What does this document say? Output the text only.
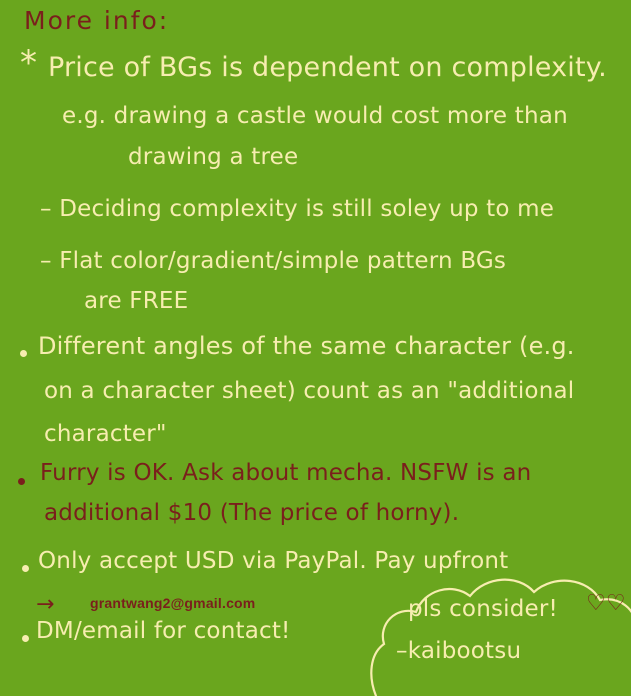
More info:
* Price of BGs is dependent on complexity.
e.g. drawing a castle would cost more than
drawing a tree
– Deciding complexity is still soley up to me
– Flat color/gradient/simple pattern BGs
are FREE
Different angles of the same character (e.g.
on a character sheet) count as an "additional
character"
Furry is OK. Ask about mecha. NSFW is an
additional $10 (The price of horny).
Only accept USD via PayPal. Pay upfront
→	grantwang2@gmail.com
DM/email for contact!
pls consider! ♡♡
–kaibootsu
